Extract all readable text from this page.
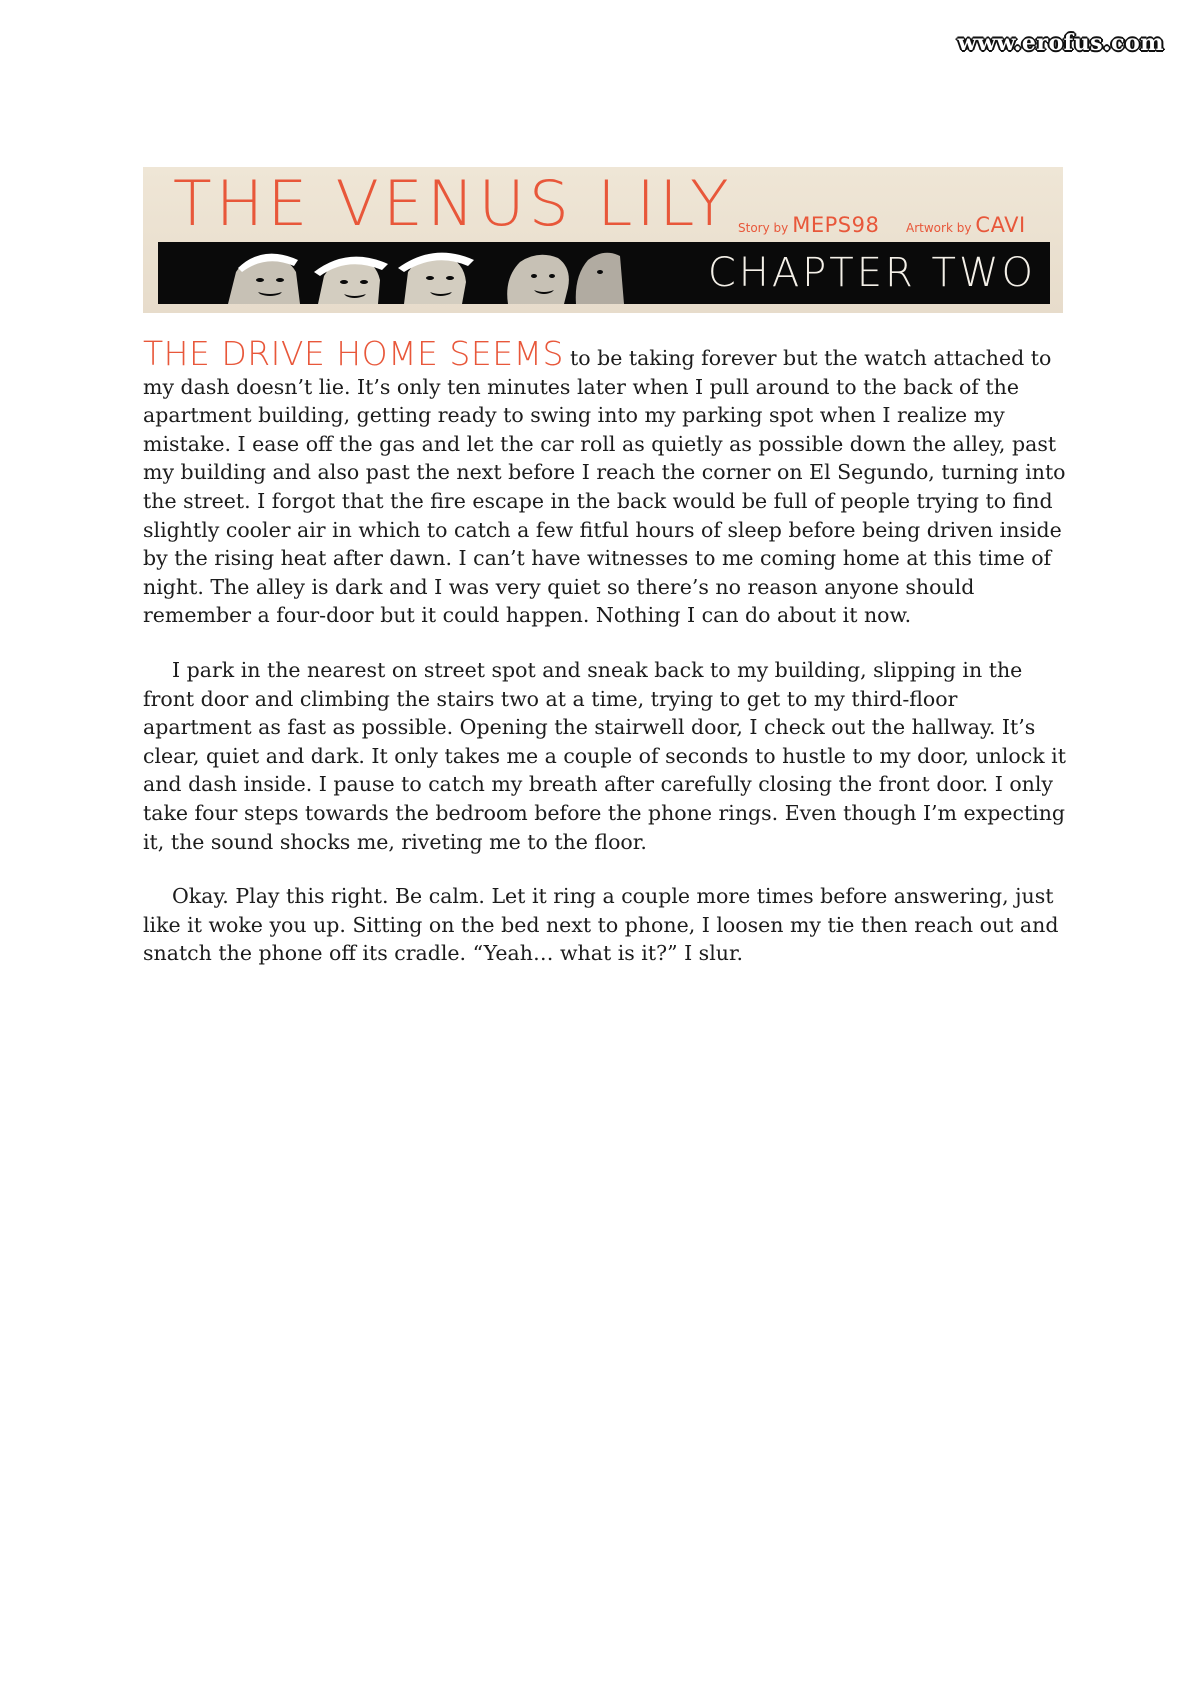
www.erofus.com
THE VENUS LILY Story by MEPS98 Artwork by CAVI
CHAPTER TWO

THE DRIVE HOME SEEMS to be taking forever but the watch attached to my dash doesn’t lie. It’s only ten minutes later when I pull around to the back of the apartment building, getting ready to swing into my parking spot when I realize my mistake. I ease off the gas and let the car roll as quietly as possible down the alley, past my building and also past the next before I reach the corner on El Segundo, turning into the street. I forgot that the fire escape in the back would be full of people trying to find slightly cooler air in which to catch a few fitful hours of sleep before being driven inside by the rising heat after dawn. I can’t have witnesses to me coming home at this time of night. The alley is dark and I was very quiet so there’s no reason anyone should remember a four-door but it could happen. Nothing I can do about it now.

I park in the nearest on street spot and sneak back to my building, slipping in the front door and climbing the stairs two at a time, trying to get to my third-floor apartment as fast as possible. Opening the stairwell door, I check out the hallway. It’s clear, quiet and dark. It only takes me a couple of seconds to hustle to my door, unlock it and dash inside. I pause to catch my breath after carefully closing the front door. I only take four steps towards the bedroom before the phone rings. Even though I’m expecting it, the sound shocks me, riveting me to the floor.

Okay. Play this right. Be calm. Let it ring a couple more times before answering, just like it woke you up. Sitting on the bed next to phone, I loosen my tie then reach out and snatch the phone off its cradle. “Yeah… what is it?” I slur.
